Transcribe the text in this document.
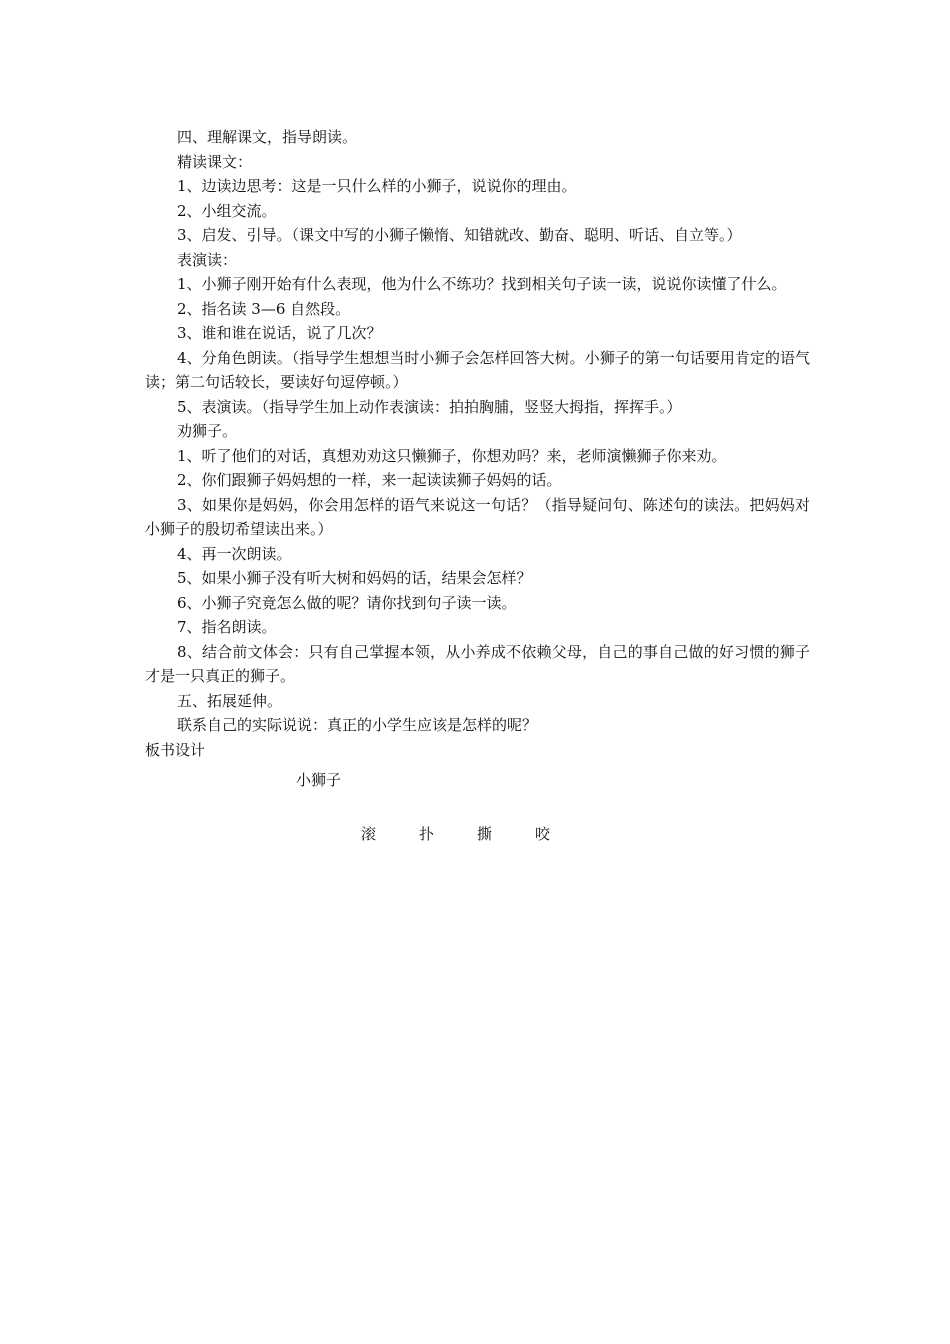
四、理解课文，指导朗读。

精读课文：

1、边读边思考：这是一只什么样的小狮子，说说你的理由。

2、小组交流。

3、启发、引导。（课文中写的小狮子懒惰、知错就改、勤奋、聪明、听话、自立等。）

表演读：

1、小狮子刚开始有什么表现，他为什么不练功？找到相关句子读一读，说说你读懂了什么。

2、指名读 3—6 自然段。

3、谁和谁在说话，说了几次？

4、分角色朗读。（指导学生想想当时小狮子会怎样回答大树。小狮子的第一句话要用肯定的语气读；第二句话较长，要读好句逗停顿。）

5、表演读。（指导学生加上动作表演读：拍拍胸脯，竖竖大拇指，挥挥手。）

劝狮子。

1、听了他们的对话，真想劝劝这只懒狮子，你想劝吗？来，老师演懒狮子你来劝。

2、你们跟狮子妈妈想的一样，来一起读读狮子妈妈的话。

3、如果你是妈妈，你会用怎样的语气来说这一句话？（指导疑问句、陈述句的读法。把妈妈对小狮子的殷切希望读出来。）

4、再一次朗读。

5、如果小狮子没有听大树和妈妈的话，结果会怎样？

6、小狮子究竟怎么做的呢？请你找到句子读一读。

7、指名朗读。

8、结合前文体会：只有自己掌握本领，从小养成不依赖父母，自己的事自己做的好习惯的狮子才是一只真正的狮子。

五、拓展延伸。

联系自己的实际说说：真正的小学生应该是怎样的呢？

板书设计

小狮子

滚	扑	撕	咬
